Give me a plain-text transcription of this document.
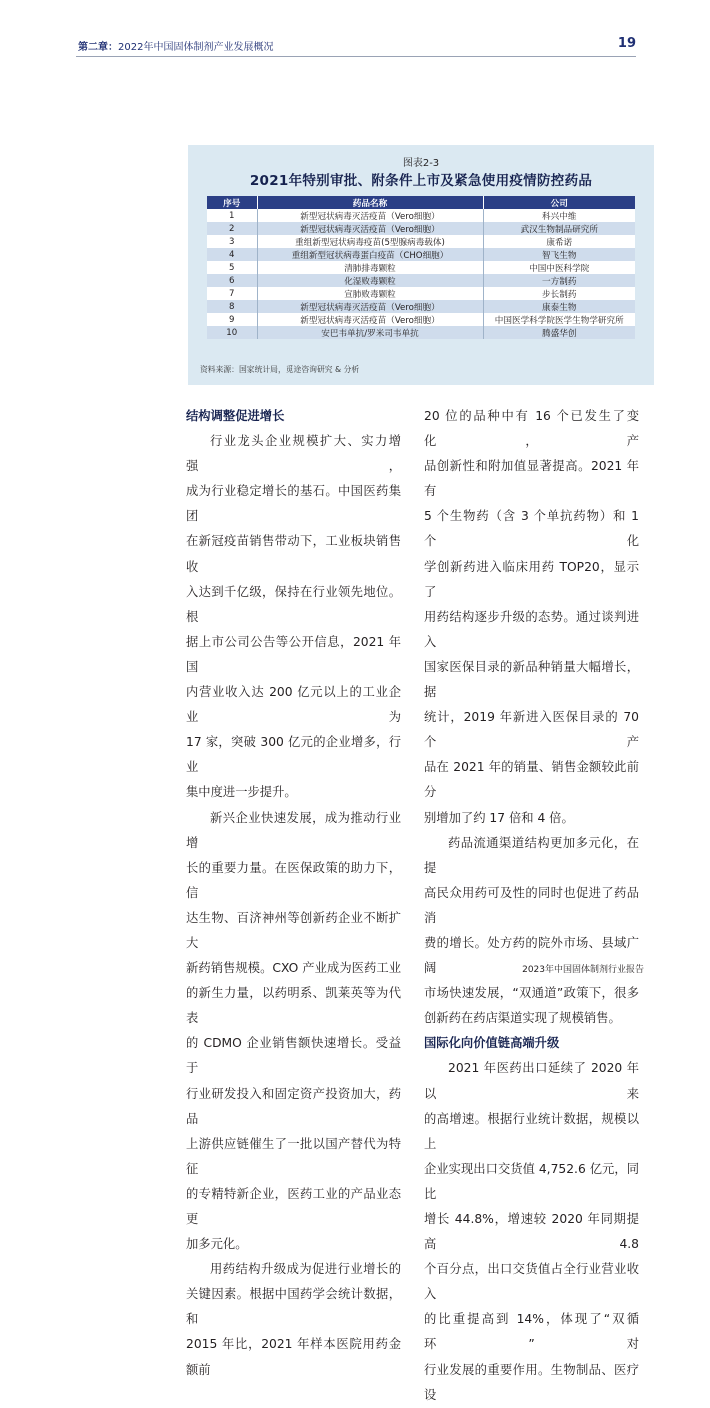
第二章：2022年中国固体制剂产业发展概况	19
图表2-3
2021年特别审批、附条件上市及紧急使用疫情防控药品
序号	药品名称	公司
1	新型冠状病毒灭活疫苗（Vero细胞）	科兴中维
2	新型冠状病毒灭活疫苗（Vero细胞）	武汉生物制品研究所
3	重组新型冠状病毒疫苗(5型腺病毒载体)	康希诺
4	重组新型冠状病毒蛋白疫苗（CHO细胞）	智飞生物
5	清肺排毒颗粒	中国中医科学院
6	化湿败毒颗粒	一方制药
7	宣肺败毒颗粒	步长制药
8	新型冠状病毒灭活疫苗（Vero细胞）	康泰生物
9	新型冠状病毒灭活疫苗（Vero细胞）	中国医学科学院医学生物学研究所
10	安巴韦单抗/罗米司韦单抗	腾盛华创
资料来源：国家统计局，觅途咨询研究 & 分析

结构调整促进增长

行业龙头企业规模扩大、实力增强，

成为行业稳定增长的基石。中国医药集团

在新冠疫苗销售带动下，工业板块销售收

入达到千亿级，保持在行业领先地位。根

据上市公司公告等公开信息，2021 年国

内营业收入达 200 亿元以上的工业企业为

17 家，突破 300 亿元的企业增多，行业

集中度进一步提升。

新兴企业快速发展，成为推动行业增

长的重要力量。在医保政策的助力下，信

达生物、百济神州等创新药企业不断扩大

新药销售规模。CXO 产业成为医药工业

的新生力量，以药明系、凯莱英等为代表

的 CDMO 企业销售额快速增长。受益于

行业研发投入和固定资产投资加大，药品

上游供应链催生了一批以国产替代为特征

的专精特新企业，医药工业的产品业态更

加多元化。

用药结构升级成为促进行业增长的

关键因素。根据中国药学会统计数据，和

2015 年比，2021 年样本医院用药金额前

20 位的品种中有 16 个已发生了变化，产

品创新性和附加值显著提高。2021 年有

5 个生物药（含 3 个单抗药物）和 1 个化

学创新药进入临床用药 TOP20，显示了

用药结构逐步升级的态势。通过谈判进入

国家医保目录的新品种销量大幅增长，据

统计，2019 年新进入医保目录的 70 个产

品在 2021 年的销量、销售金额较此前分

别增加了约 17 倍和 4 倍。

药品流通渠道结构更加多元化，在提

高民众用药可及性的同时也促进了药品消

费的增长。处方药的院外市场、县域广阔

市场快速发展，“双通道”政策下，很多

创新药在药店渠道实现了规模销售。

国际化向价值链高端升级

2021 年医药出口延续了 2020 年以来

的高增速。根据行业统计数据，规模以上

企业实现出口交货值 4,752.6 亿元，同比

增长 44.8%，增速较 2020 年同期提高 4.8

个百分点，出口交货值占全行业营业收入

的比重提高到 14%，体现了“双循环”对

行业发展的重要作用。生物制品、医疗设

2023年中国固体制剂行业报告
